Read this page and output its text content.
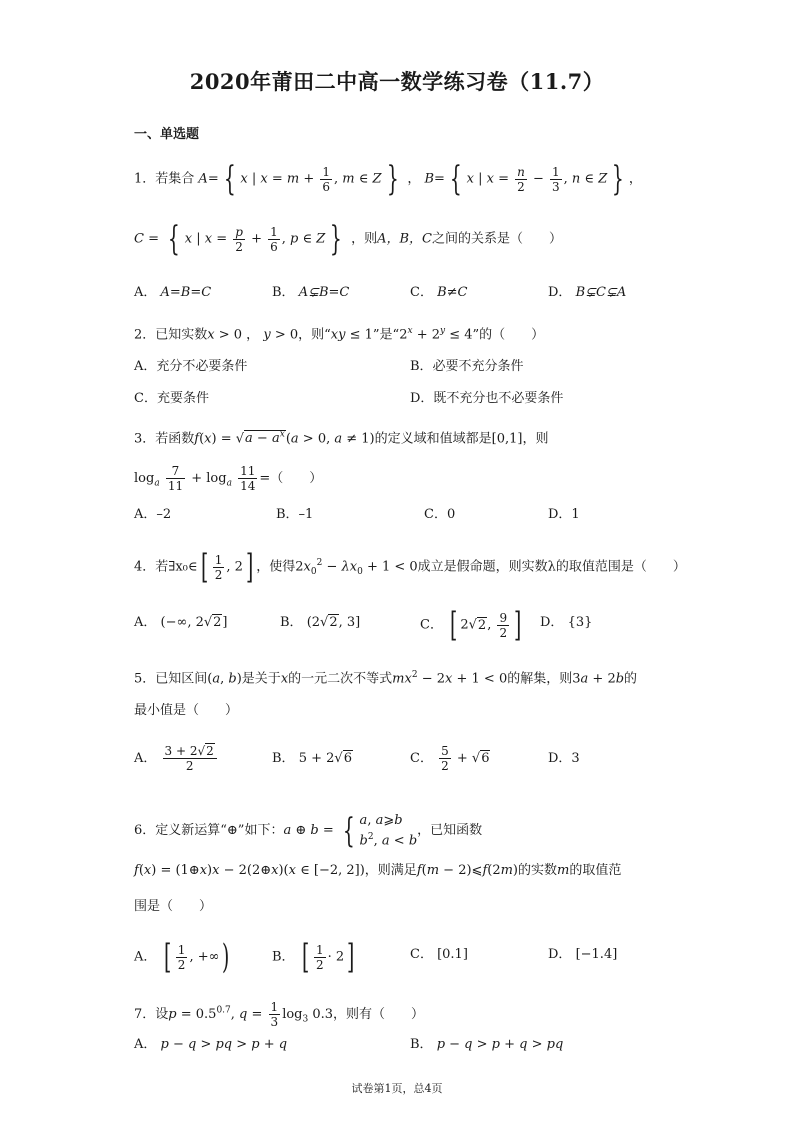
2020年莆田二中高一数学练习卷（11.7）
一、单选题
1．若集合 A= { x | $x = m + \frac{1}{6}$ , m ∈ Z } ， B= { x | $x = \frac{n}{2} - \frac{1}{3}$ , n ∈ Z } ，
C = { x | $x = \frac{p}{2} + \frac{1}{6}$ , p ∈ Z } ，则A，B，C之间的关系是（　　）
A． A=B=C	B． A⊊B=C	C． B≠C	D． B⊊C⊊A
2．已知实数x > 0 ， y > 0，则“xy ≤ 1”是“$2^x + 2^y \le 4$”的（　　）
A．充分不必要条件	B．必要不充分条件
C．充要条件	D．既不充分也不必要条件
3．若函数$f(x) = √a - a^x(a > 0$, a ≠ 1)的定义域和值域都是[0,1]，则
$\log_a \frac{7}{11} + \log_a \frac{11}{14}$ =（　　）
A．–2	B．–1	C．0	D．1
4．若∃x₀∈[ $\frac{1}{2}$ , 2] ，使得$2x_0^2 - \lambda x_0 + 1 < 0$成立是假命题，则实数λ的取值范围是（　　）
A． (−∞, 2√2]	B． (2√2, 3]	C． [ 2√2, $\frac{9}{2}$ ] D． {3}
5．已知区间(a, b)是关于x的一元二次不等式$mx^2 - 2x + 1 < 0$的解集，则3a + 2b的
最小值是（　　）
A． $\frac{3 + 2√2}{2}$	B． 5 + 2√6	C． $\frac{5}{2} + √6$	D．3
6．定义新运算“⊕”如下：a ⊕ b = { a, a⩾b
$b^2$, a < b，已知函数
f(x) = (1⊕x)x − 2(2⊕x)(x ∈ [−2, 2])，则满足f(m − 2)⩽f(2m)的实数m的取值范
围是（　　）
A． [ $\frac{1}{2}$ , +∞)	B． [ $\frac{1}{2} \cdot 2$]	C． [0.1]	D． [−1.4]
7．设$p = 0.5^{0.7}$, $q = \frac{1}{3} \log_3 0.3$，则有（　　）
A． p − q > pq > p + q	B． p − q > p + q > pq
试卷第1页，总4页
